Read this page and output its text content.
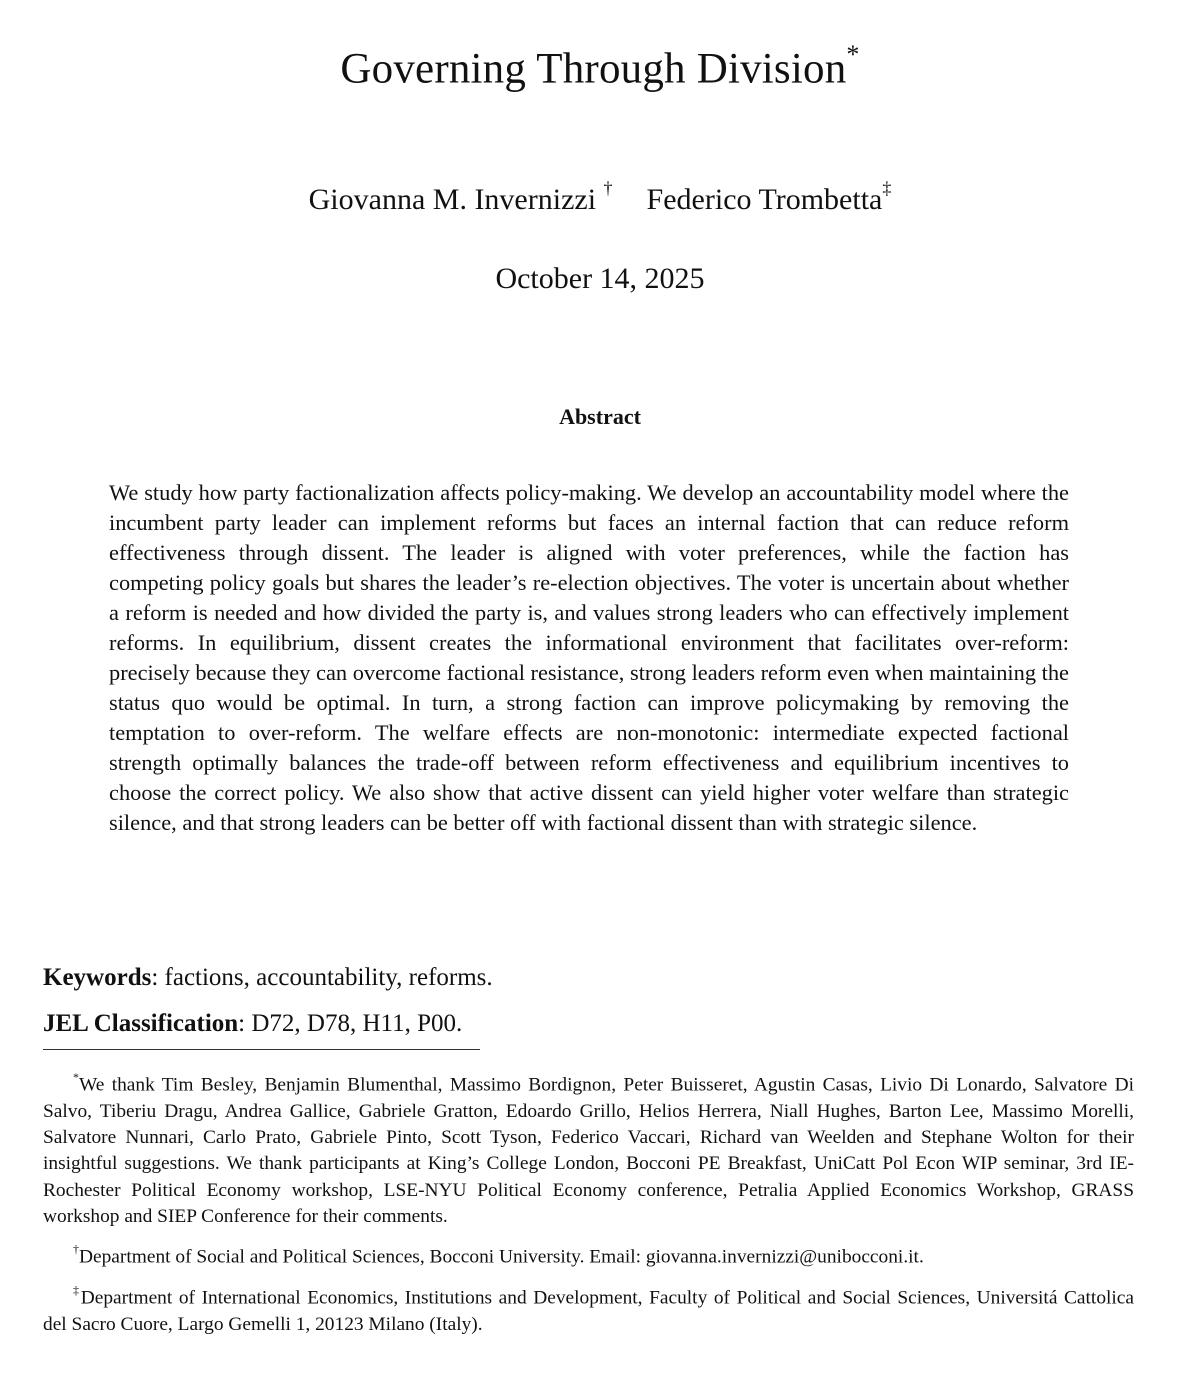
Governing Through Division*
Giovanna M. Invernizzi † Federico Trombetta‡
October 14, 2025
Abstract

We study how party factionalization affects policy-making. We develop an accountability model where the incumbent party leader can implement reforms but faces an internal faction that can reduce reform effectiveness through dissent. The leader is aligned with voter preferences, while the faction has competing policy goals but shares the leader’s re-election objectives. The voter is uncertain about whether a reform is needed and how divided the party is, and values strong leaders who can effectively implement reforms. In equilibrium, dissent creates the informational environment that facilitates over-reform: precisely because they can overcome factional resistance, strong leaders reform even when maintaining the status quo would be optimal. In turn, a strong faction can improve policymaking by removing the temptation to over-reform. The welfare effects are non-monotonic: intermediate expected factional strength optimally balances the trade-off between reform effectiveness and equilibrium incentives to choose the correct policy. We also show that active dissent can yield higher voter welfare than strategic silence, and that strong leaders can be better off with factional dissent than with strategic silence.

Keywords: factions, accountability, reforms.
JEL Classification: D72, D78, H11, P00.

*We thank Tim Besley, Benjamin Blumenthal, Massimo Bordignon, Peter Buisseret, Agustin Casas, Livio Di Lonardo, Salvatore Di Salvo, Tiberiu Dragu, Andrea Gallice, Gabriele Gratton, Edoardo Grillo, Helios Herrera, Niall Hughes, Barton Lee, Massimo Morelli, Salvatore Nunnari, Carlo Prato, Gabriele Pinto, Scott Tyson, Federico Vaccari, Richard van Weelden and Stephane Wolton for their insightful suggestions. We thank participants at King’s College London, Bocconi PE Breakfast, UniCatt Pol Econ WIP seminar, 3rd IE-Rochester Political Economy workshop, LSE-NYU Political Economy conference, Petralia Applied Economics Workshop, GRASS workshop and SIEP Conference for their comments.

†Department of Social and Political Sciences, Bocconi University. Email: giovanna.invernizzi@unibocconi.it.

‡Department of International Economics, Institutions and Development, Faculty of Political and Social Sciences, Universitá Cattolica del Sacro Cuore, Largo Gemelli 1, 20123 Milano (Italy).
